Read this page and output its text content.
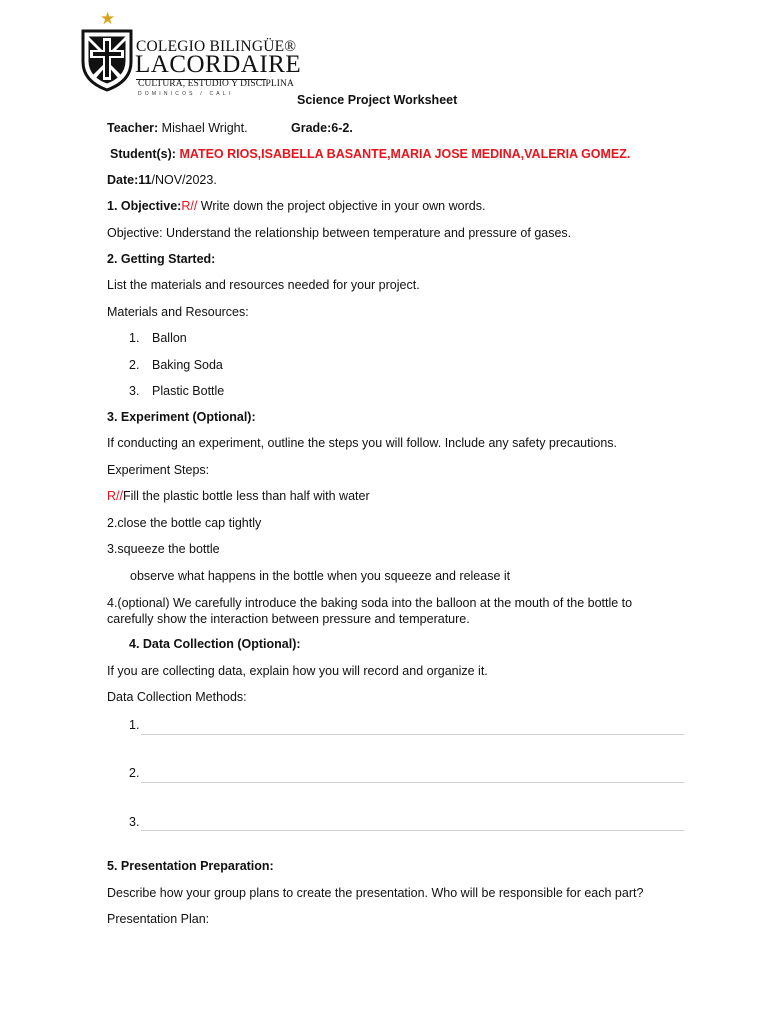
★
COLEGIO BILINGÜE®
LACORDAIRE
CULTURA, ESTUDIO Y DISCIPLINA
DOMINICOS / CALI	Science Project Worksheet
Teacher: Mishael Wright.	Grade:6-2.
Student(s): MATEO RIOS,ISABELLA BASANTE,MARIA JOSE MEDINA,VALERIA GOMEZ.
Date:11/NOV/2023.
1. Objective:R// Write down the project objective in your own words.
Objective: Understand the relationship between temperature and pressure of gases.
2. Getting Started:
List the materials and resources needed for your project.
Materials and Resources:
1. Ballon
2. Baking Soda
3. Plastic Bottle
3. Experiment (Optional):
If conducting an experiment, outline the steps you will follow. Include any safety precautions.
Experiment Steps:
R//Fill the plastic bottle less than half with water
2.close the bottle cap tightly
3.squeeze the bottle
observe what happens in the bottle when you squeeze and release it
4.(optional) We carefully introduce the baking soda into the balloon at the mouth of the bottle to carefully show the interaction between pressure and temperature.
4. Data Collection (Optional):
If you are collecting data, explain how you will record and organize it.
Data Collection Methods:
1.
2.
3.
5. Presentation Preparation:
Describe how your group plans to create the presentation. Who will be responsible for each part?
Presentation Plan:
